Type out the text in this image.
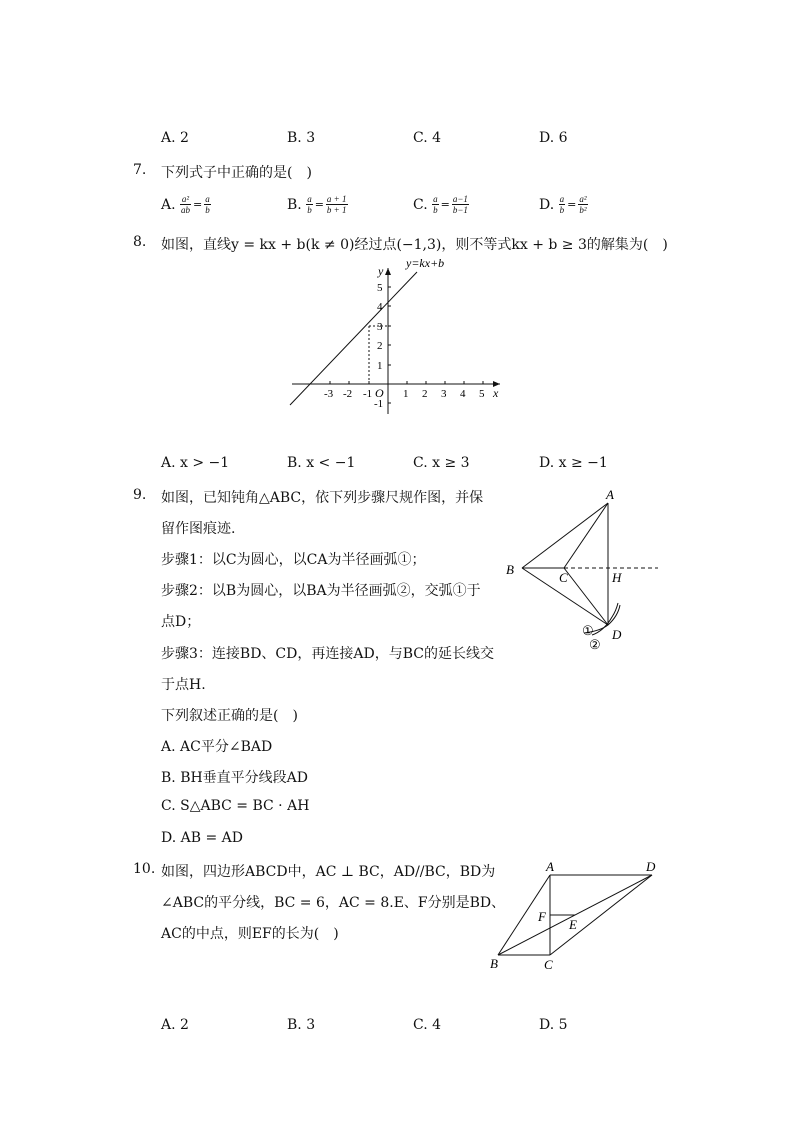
A. 2	B. 3	C. 4	D. 6
7. 下列式子中正确的是( )
A.
$\frac{\text{a²}}{ab} = \frac{a}{b}$	B.
$\frac{a}{b} = \frac{a + 1}{b + 1}$	C.
$\frac{a}{b} = \frac{a-1}{b-1}$	D.
$\frac{a}{b} = \frac{\text{a²}}{\text{b²}}$
8. 如图，直线y = kx + b(k ≠ 0)经过点(−1,3)，则不等式kx + b ≥ 3的解集为( )
y=kx+b
y
x
O
-3 -2 -1	1 2 3 4 5
5
4
3
2
1
-1
A. x > −1	B. x < −1	C. x ≥ 3	D. x ≥ −1
9. 如图，已知钝角△ABC，依下列步骤尺规作图，并保
留作图痕迹.
步骤1：以C为圆心，以CA为半径画弧①；
步骤2：以B为圆心，以BA为半径画弧②，交弧①于
点D；
步骤3：连接BD、CD，再连接AD，与BC的延长线交
于点H.
下列叙述正确的是( )
A. AC平分∠BAD
B. BH垂直平分线段AD
C. S△ABC = BC · AH
D. AB = AD
A
B
C	H
D
①
②
10. 如图，四边形ABCD中，AC ⊥ BC，AD//BC，BD为
∠ABC的平分线，BC = 6，AC = 8.E、F分别是BD、
AC的中点，则EF的长为( )
A	D
B	C
F
E
A. 2	B. 3	C. 4	D. 5
